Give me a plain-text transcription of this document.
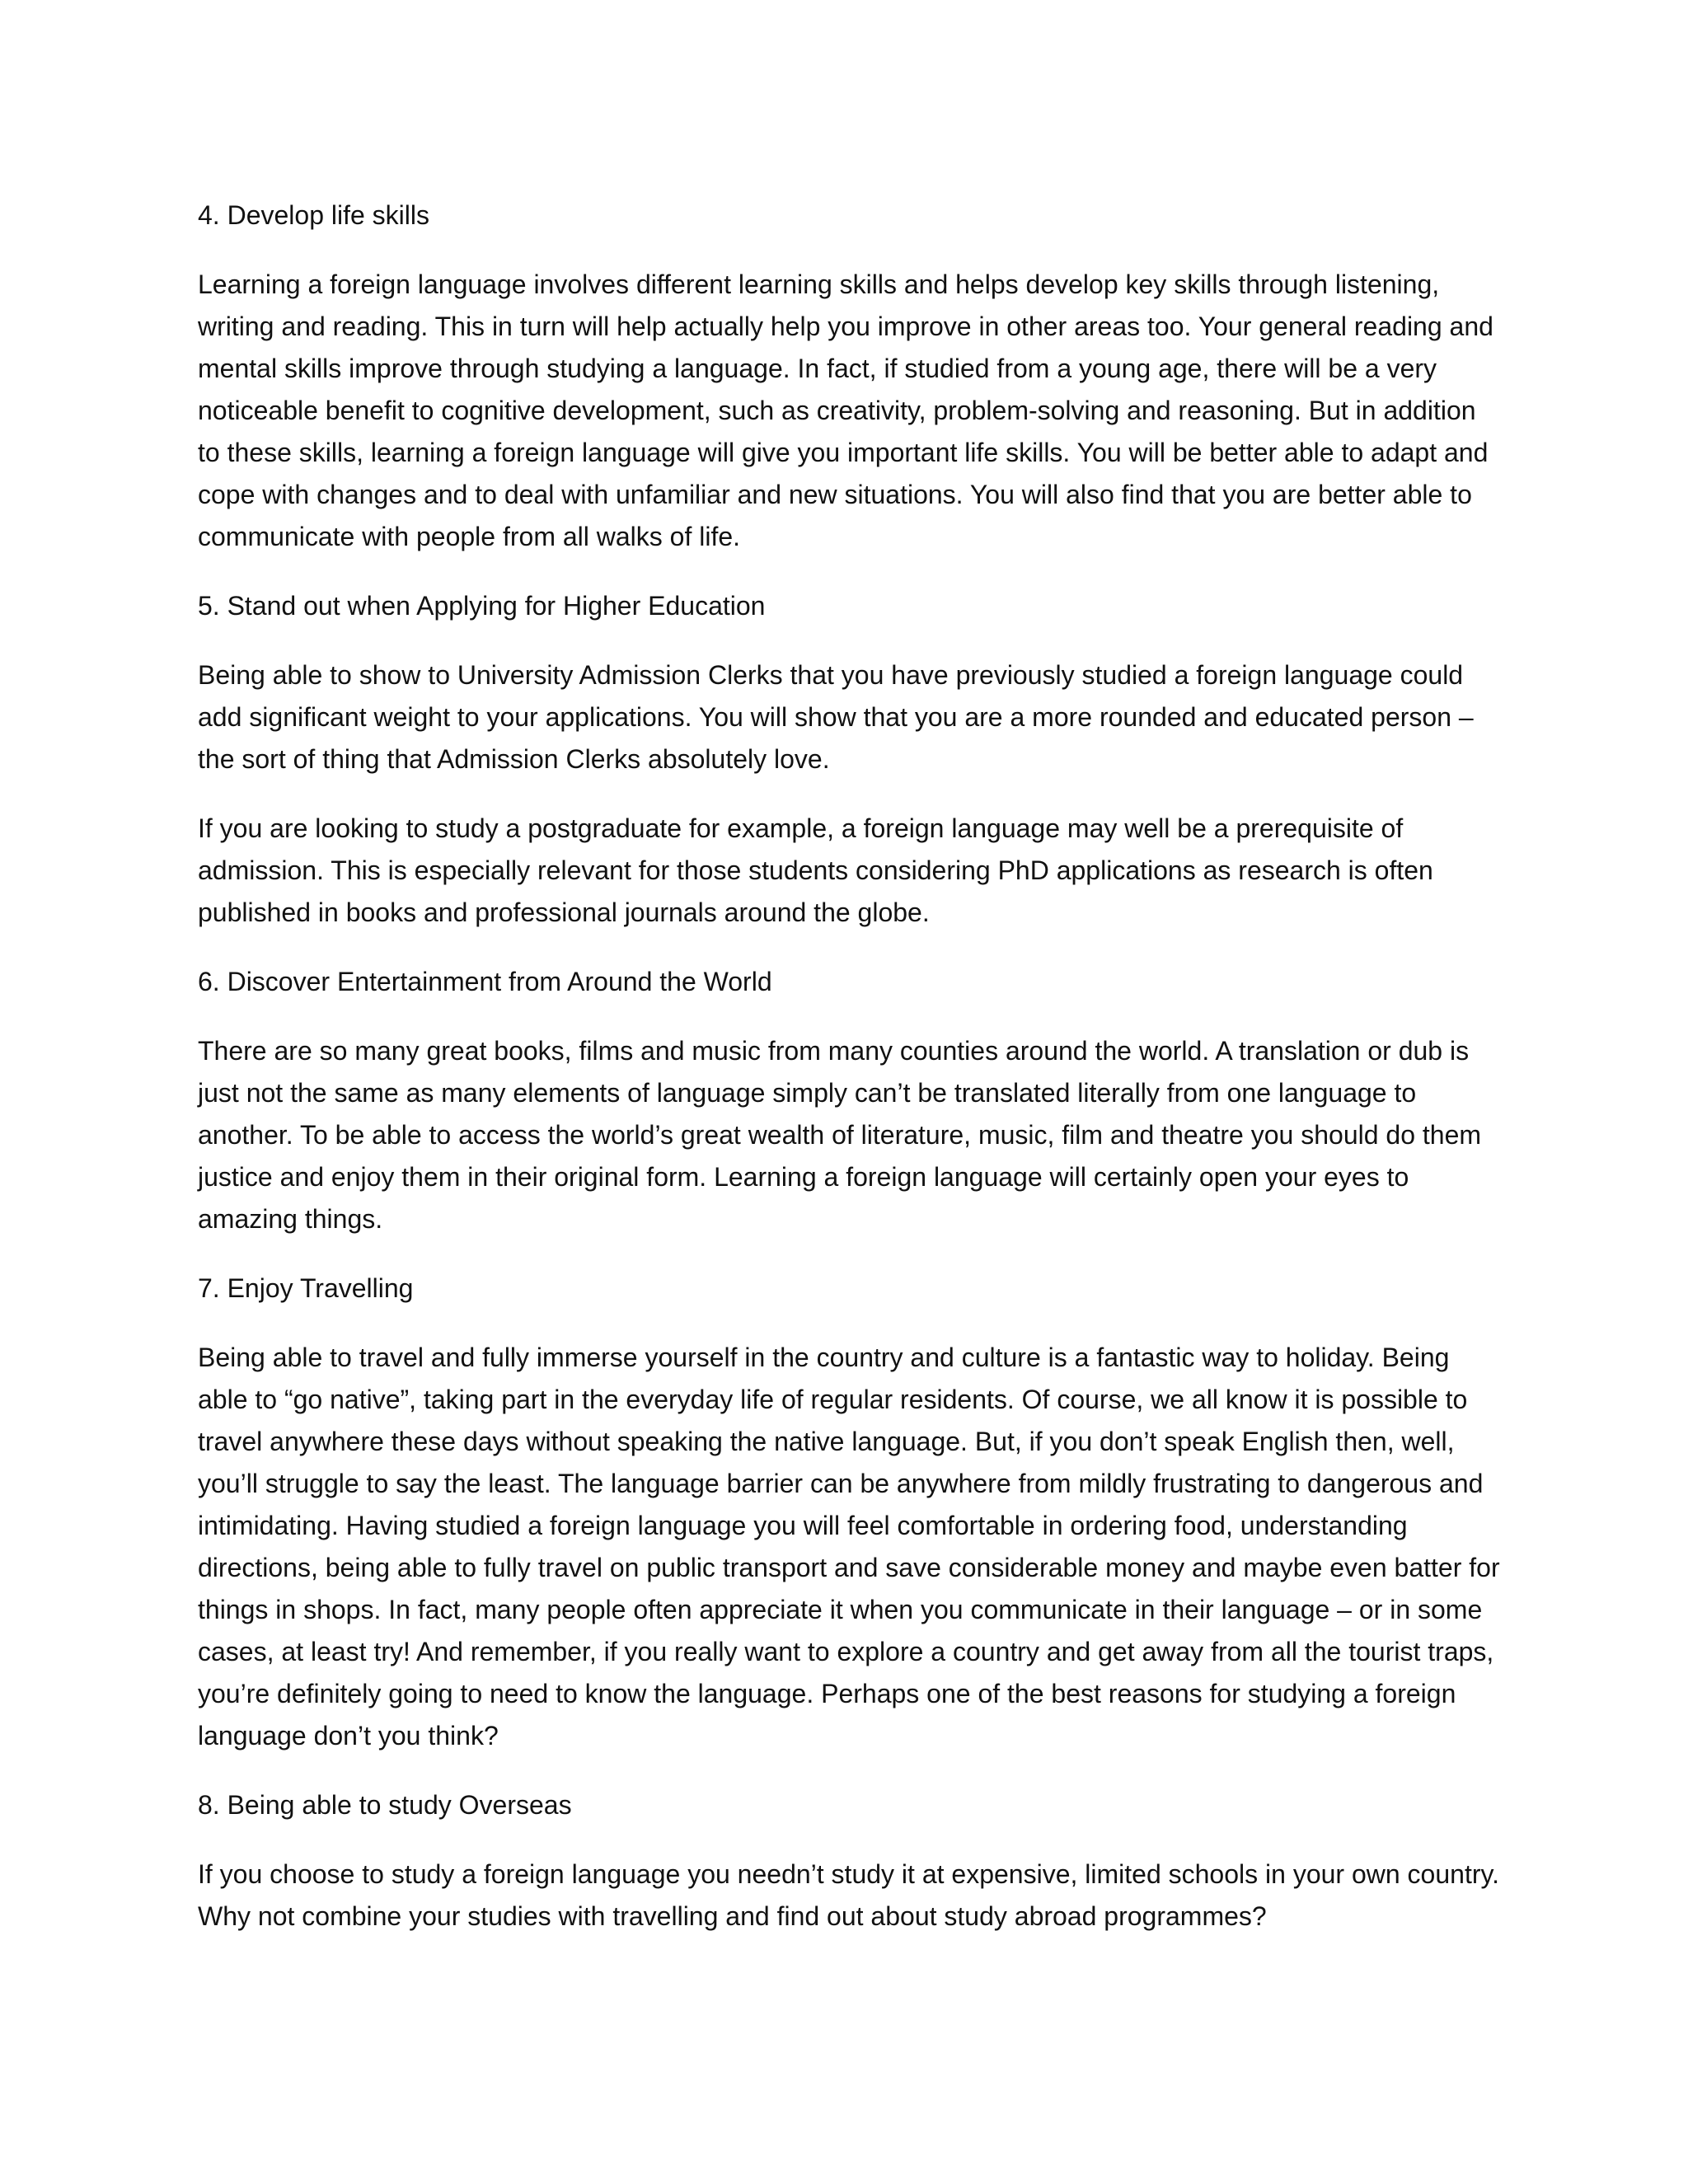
4. Develop life skills

Learning a foreign language involves different learning skills and helps develop key skills through listening, writing and reading. This in turn will help actually help you improve in other areas too. Your general reading and mental skills improve through studying a language. In fact, if studied from a young age, there will be a very noticeable benefit to cognitive development, such as creativity, problem-solving and reasoning. But in addition to these skills, learning a foreign language will give you important life skills. You will be better able to adapt and cope with changes and to deal with unfamiliar and new situations. You will also find that you are better able to communicate with people from all walks of life.

5. Stand out when Applying for Higher Education

Being able to show to University Admission Clerks that you have previously studied a foreign language could add significant weight to your applications. You will show that you are a more rounded and educated person – the sort of thing that Admission Clerks absolutely love.

If you are looking to study a postgraduate for example, a foreign language may well be a prerequisite of admission. This is especially relevant for those students considering PhD applications as research is often published in books and professional journals around the globe.

6. Discover Entertainment from Around the World

There are so many great books, films and music from many counties around the world. A translation or dub is just not the same as many elements of language simply can’t be translated literally from one language to another. To be able to access the world’s great wealth of literature, music, film and theatre you should do them justice and enjoy them in their original form. Learning a foreign language will certainly open your eyes to amazing things.

7. Enjoy Travelling

Being able to travel and fully immerse yourself in the country and culture is a fantastic way to holiday. Being able to “go native”, taking part in the everyday life of regular residents. Of course, we all know it is possible to travel anywhere these days without speaking the native language. But, if you don’t speak English then, well, you’ll struggle to say the least. The language barrier can be anywhere from mildly frustrating to dangerous and intimidating. Having studied a foreign language you will feel comfortable in ordering food, understanding directions, being able to fully travel on public transport and save considerable money and maybe even batter for things in shops. In fact, many people often appreciate it when you communicate in their language – or in some cases, at least try! And remember, if you really want to explore a country and get away from all the tourist traps, you’re definitely going to need to know the language. Perhaps one of the best reasons for studying a foreign language don’t you think?

8. Being able to study Overseas

If you choose to study a foreign language you needn’t study it at expensive, limited schools in your own country. Why not combine your studies with travelling and find out about study abroad programmes?
